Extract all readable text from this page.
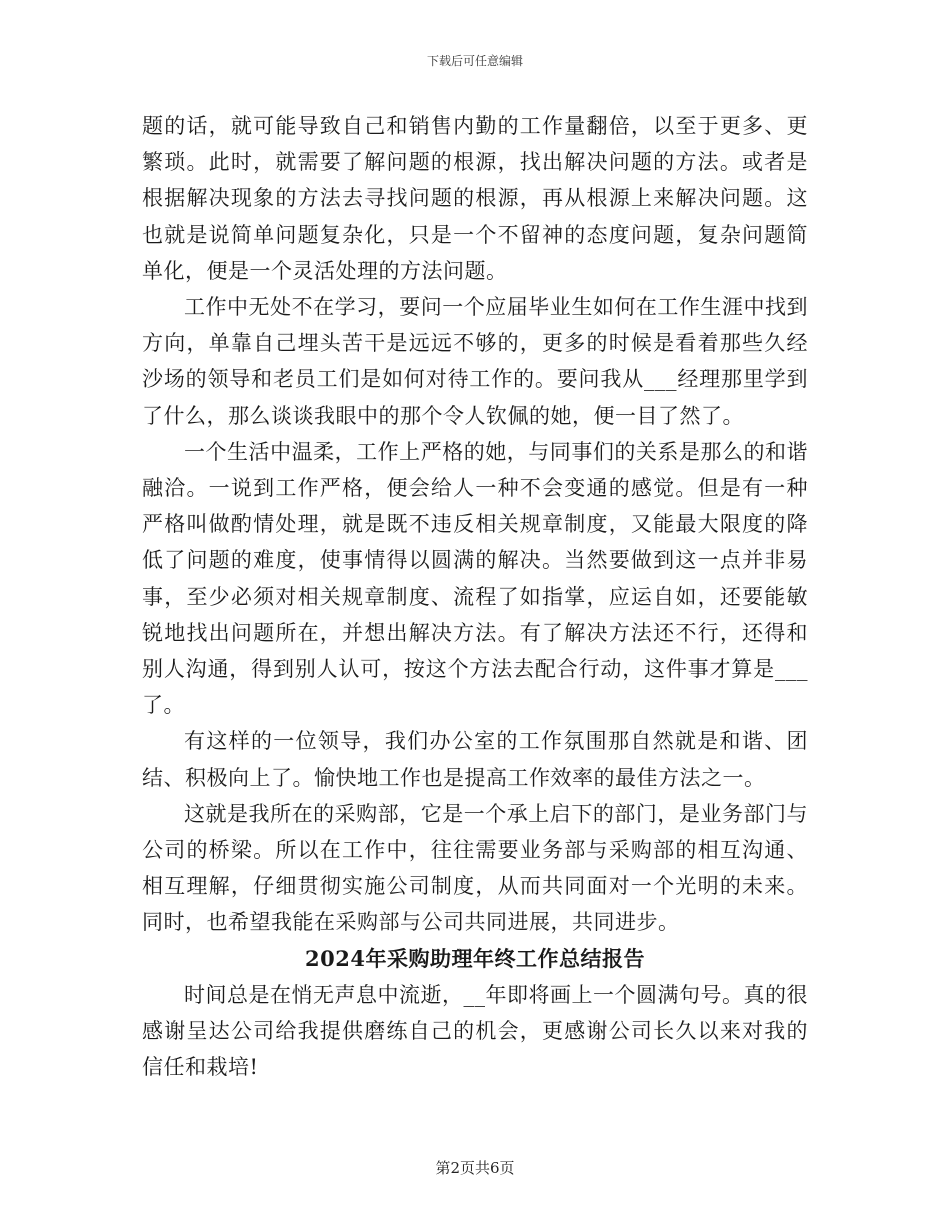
下载后可任意编辑

题的话，就可能导致自己和销售内勤的工作量翻倍，以至于更多、更繁琐。此时，就需要了解问题的根源，找出解决问题的方法。或者是根据解决现象的方法去寻找问题的根源，再从根源上来解决问题。这也就是说简单问题复杂化，只是一个不留神的态度问题，复杂问题简单化，便是一个灵活处理的方法问题。

工作中无处不在学习，要问一个应届毕业生如何在工作生涯中找到方向，单靠自己埋头苦干是远远不够的，更多的时候是看着那些久经沙场的领导和老员工们是如何对待工作的。要问我从___经理那里学到了什么，那么谈谈我眼中的那个令人钦佩的她，便一目了然了。

一个生活中温柔，工作上严格的她，与同事们的关系是那么的和谐融洽。一说到工作严格，便会给人一种不会变通的感觉。但是有一种严格叫做酌情处理，就是既不违反相关规章制度，又能最大限度的降低了问题的难度，使事情得以圆满的解决。当然要做到这一点并非易事，至少必须对相关规章制度、流程了如指掌，应运自如，还要能敏锐地找出问题所在，并想出解决方法。有了解决方法还不行，还得和别人沟通，得到别人认可，按这个方法去配合行动，这件事才算是___了。

有这样的一位领导，我们办公室的工作氛围那自然就是和谐、团结、积极向上了。愉快地工作也是提高工作效率的最佳方法之一。

这就是我所在的采购部，它是一个承上启下的部门，是业务部门与公司的桥梁。所以在工作中，往往需要业务部与采购部的相互沟通、相互理解，仔细贯彻实施公司制度，从而共同面对一个光明的未来。同时，也希望我能在采购部与公司共同进展，共同进步。

2024年采购助理年终工作总结报告

时间总是在悄无声息中流逝，__年即将画上一个圆满句号。真的很感谢呈达公司给我提供磨练自己的机会，更感谢公司长久以来对我的信任和栽培!

第2页共6页
